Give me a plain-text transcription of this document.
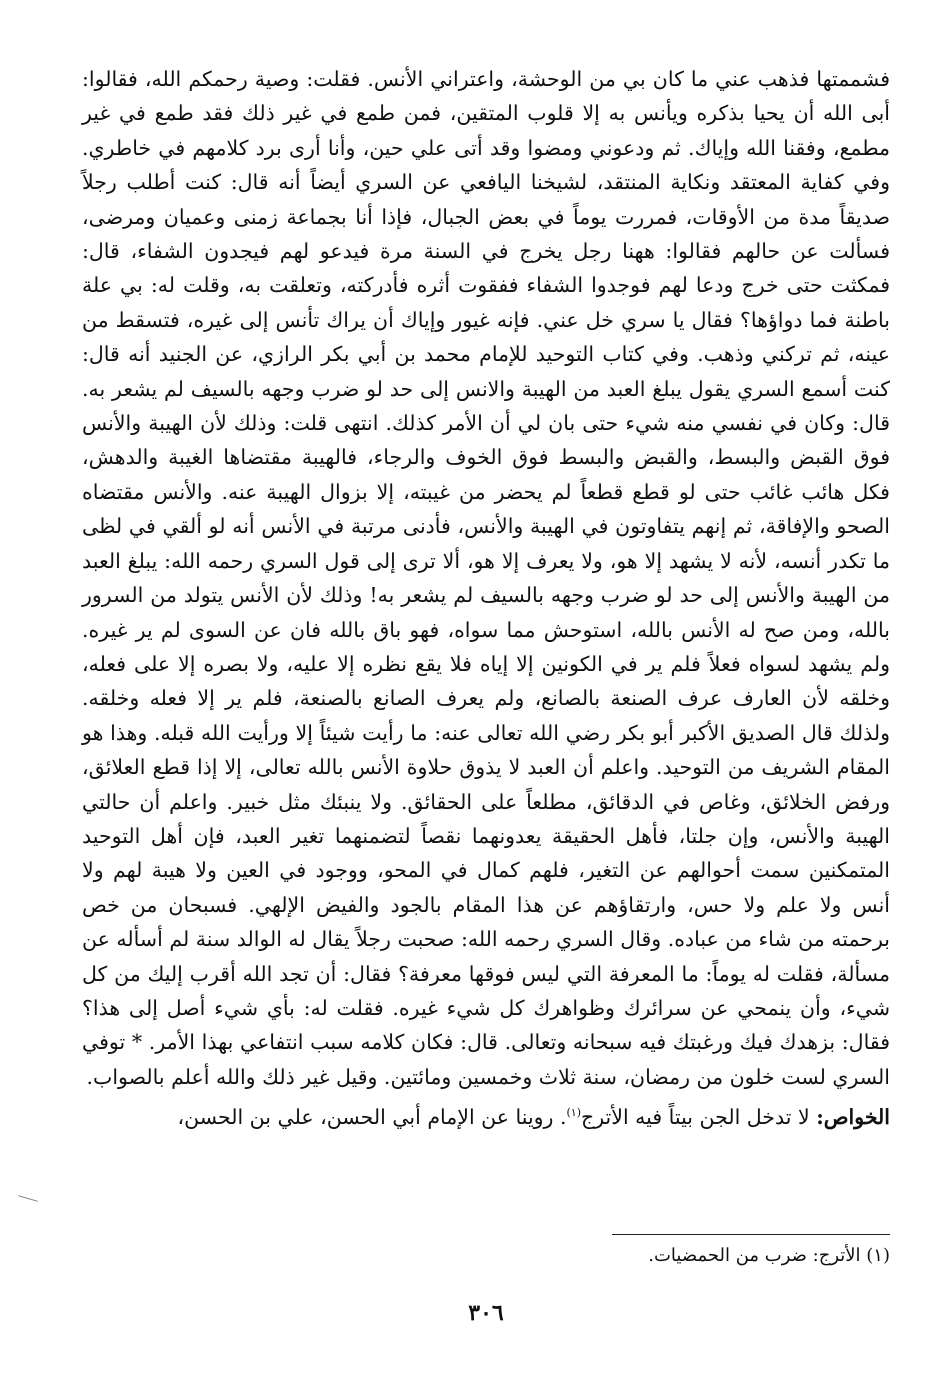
فشممتها فذهب عني ما كان بي من الوحشة، واعتراني الأنس. فقلت: وصية رحمكم الله، فقالوا: أبى الله أن يحيا بذكره ويأنس به إلا قلوب المتقين، فمن طمع في غير ذلك فقد طمع في غير مطمع، وفقنا الله وإياك. ثم ودعوني ومضوا وقد أتى علي حين، وأنا أرى برد كلامهم في خاطري. وفي كفاية المعتقد ونكاية المنتقد، لشيخنا اليافعي عن السري أيضاً أنه قال: كنت أطلب رجلاً صديقاً مدة من الأوقات، فمررت يوماً في بعض الجبال، فإذا أنا بجماعة زمنى وعميان ومرضى، فسألت عن حالهم فقالوا: ههنا رجل يخرج في السنة مرة فيدعو لهم فيجدون الشفاء، قال: فمكثت حتى خرج ودعا لهم فوجدوا الشفاء ففقوت أثره فأدركته، وتعلقت به، وقلت له: بي علة باطنة فما دواؤها؟ فقال يا سري خل عني. فإنه غيور وإياك أن يراك تأنس إلى غيره، فتسقط من عينه، ثم تركني وذهب. وفي كتاب التوحيد للإمام محمد بن أبي بكر الرازي، عن الجنيد أنه قال: كنت أسمع السري يقول يبلغ العبد من الهيبة والانس إلى حد لو ضرب وجهه بالسيف لم يشعر به. قال: وكان في نفسي منه شيء حتى بان لي أن الأمر كذلك. انتهى قلت: وذلك لأن الهيبة والأنس فوق القبض والبسط، والقبض والبسط فوق الخوف والرجاء، فالهيبة مقتضاها الغيبة والدهش، فكل هائب غائب حتى لو قطع قطعاً لم يحضر من غيبته، إلا بزوال الهيبة عنه. والأنس مقتضاه الصحو والإفاقة، ثم إنهم يتفاوتون في الهيبة والأنس، فأدنى مرتبة في الأنس أنه لو ألقي في لظى ما تكدر أنسه، لأنه لا يشهد إلا هو، ولا يعرف إلا هو، ألا ترى إلى قول السري رحمه الله: يبلغ العبد من الهيبة والأنس إلى حد لو ضرب وجهه بالسيف لم يشعر به! وذلك لأن الأنس يتولد من السرور بالله، ومن صح له الأنس بالله، استوحش مما سواه، فهو باق بالله فان عن السوى لم ير غيره. ولم يشهد لسواه فعلاً فلم ير في الكونين إلا إياه فلا يقع نظره إلا عليه، ولا بصره إلا على فعله، وخلقه لأن العارف عرف الصنعة بالصانع، ولم يعرف الصانع بالصنعة، فلم ير إلا فعله وخلقه. ولذلك قال الصديق الأكبر أبو بكر رضي الله تعالى عنه: ما رأيت شيئاً إلا ورأيت الله قبله. وهذا هو المقام الشريف من التوحيد. واعلم أن العبد لا يذوق حلاوة الأنس بالله تعالى، إلا إذا قطع العلائق، ورفض الخلائق، وغاص في الدقائق، مطلعاً على الحقائق. ولا ينبئك مثل خبير. واعلم أن حالتي الهيبة والأنس، وإن جلتا، فأهل الحقيقة يعدونهما نقصاً لتضمنهما تغير العبد، فإن أهل التوحيد المتمكنين سمت أحوالهم عن التغير، فلهم كمال في المحو، ووجود في العين ولا هيبة لهم ولا أنس ولا علم ولا حس، وارتقاؤهم عن هذا المقام بالجود والفيض الإلهي. فسبحان من خص برحمته من شاء من عباده. وقال السري رحمه الله: صحبت رجلاً يقال له الوالد سنة لم أسأله عن مسألة، فقلت له يوماً: ما المعرفة التي ليس فوقها معرفة؟ فقال: أن تجد الله أقرب إليك من كل شيء، وأن ينمحي عن سرائرك وظواهرك كل شيء غيره. فقلت له: بأي شيء أصل إلى هذا؟ فقال: بزهدك فيك ورغبتك فيه سبحانه وتعالى. قال: فكان كلامه سبب انتفاعي بهذا الأمر. * توفي السري لست خلون من رمضان، سنة ثلاث وخمسين ومائتين. وقيل غير ذلك والله أعلم بالصواب.

الخواص: لا تدخل الجن بيتاً فيه الأترج$^{(١)}$. روينا عن الإمام أبي الحسن، علي بن الحسن،

(١) الأترج: ضرب من الحمضيات.
٣٠٦
